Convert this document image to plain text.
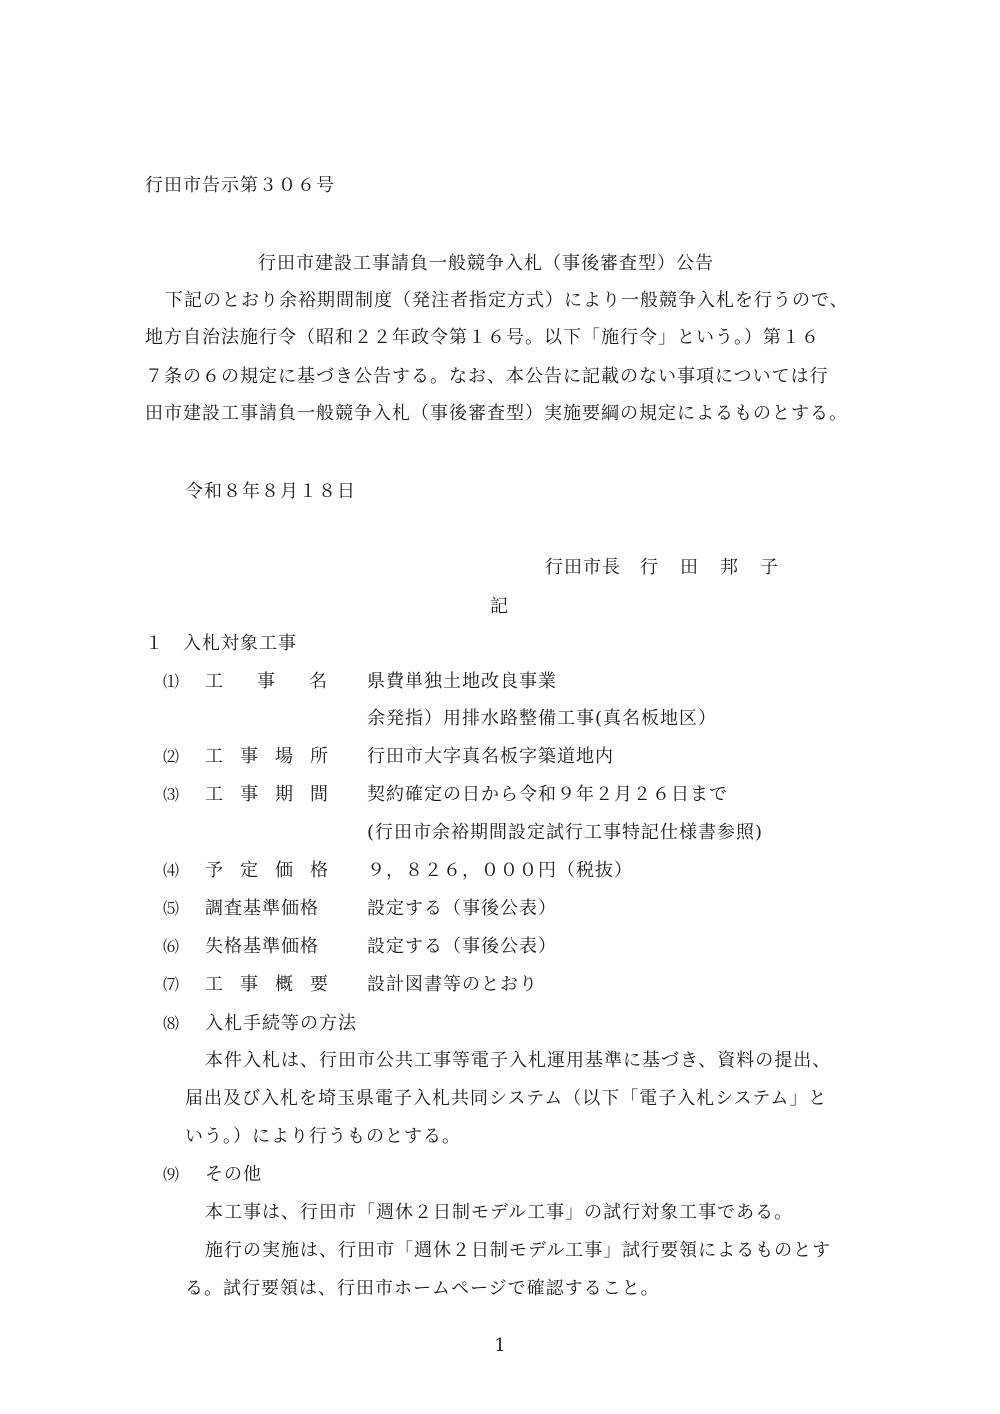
行田市告示第３０６号
行田市建設工事請負一般競争入札（事後審査型）公告
下記のとおり余裕期間制度（発注者指定方式）により一般競争入札を行うので、
地方自治法施行令（昭和２２年政令第１６号。以下「施行令」という。）第１６
７条の６の規定に基づき公告する。なお、本公告に記載のない事項については行
田市建設工事請負一般競争入札（事後審査型）実施要綱の規定によるものとする。
令和８年８月１８日
行田市長 行田邦子
記
１　入札対象工事
⑴ 工事名 県費単独土地改良事業
余発指）用排水路整備工事(真名板地区）
⑵ 工事場所 行田市大字真名板字築道地内
⑶ 工事期間 契約確定の日から令和９年２月２６日まで
(行田市余裕期間設定試行工事特記仕様書参照)
⑷ 予定価格 ９，８２６，０００円（税抜）
⑸ 調査基準価格	設定する（事後公表）
⑹ 失格基準価格	設定する（事後公表）
⑺ 工事概要 設計図書等のとおり
⑻ 入札手続等の方法
本件入札は、行田市公共工事等電子入札運用基準に基づき、資料の提出、
届出及び入札を埼玉県電子入札共同システム（以下「電子入札システム」と
いう。）により行うものとする。
⑼ その他
本工事は、行田市「週休２日制モデル工事」の試行対象工事である。
施行の実施は、行田市「週休２日制モデル工事」試行要領によるものとす
る。試行要領は、行田市ホームページで確認すること。
1
